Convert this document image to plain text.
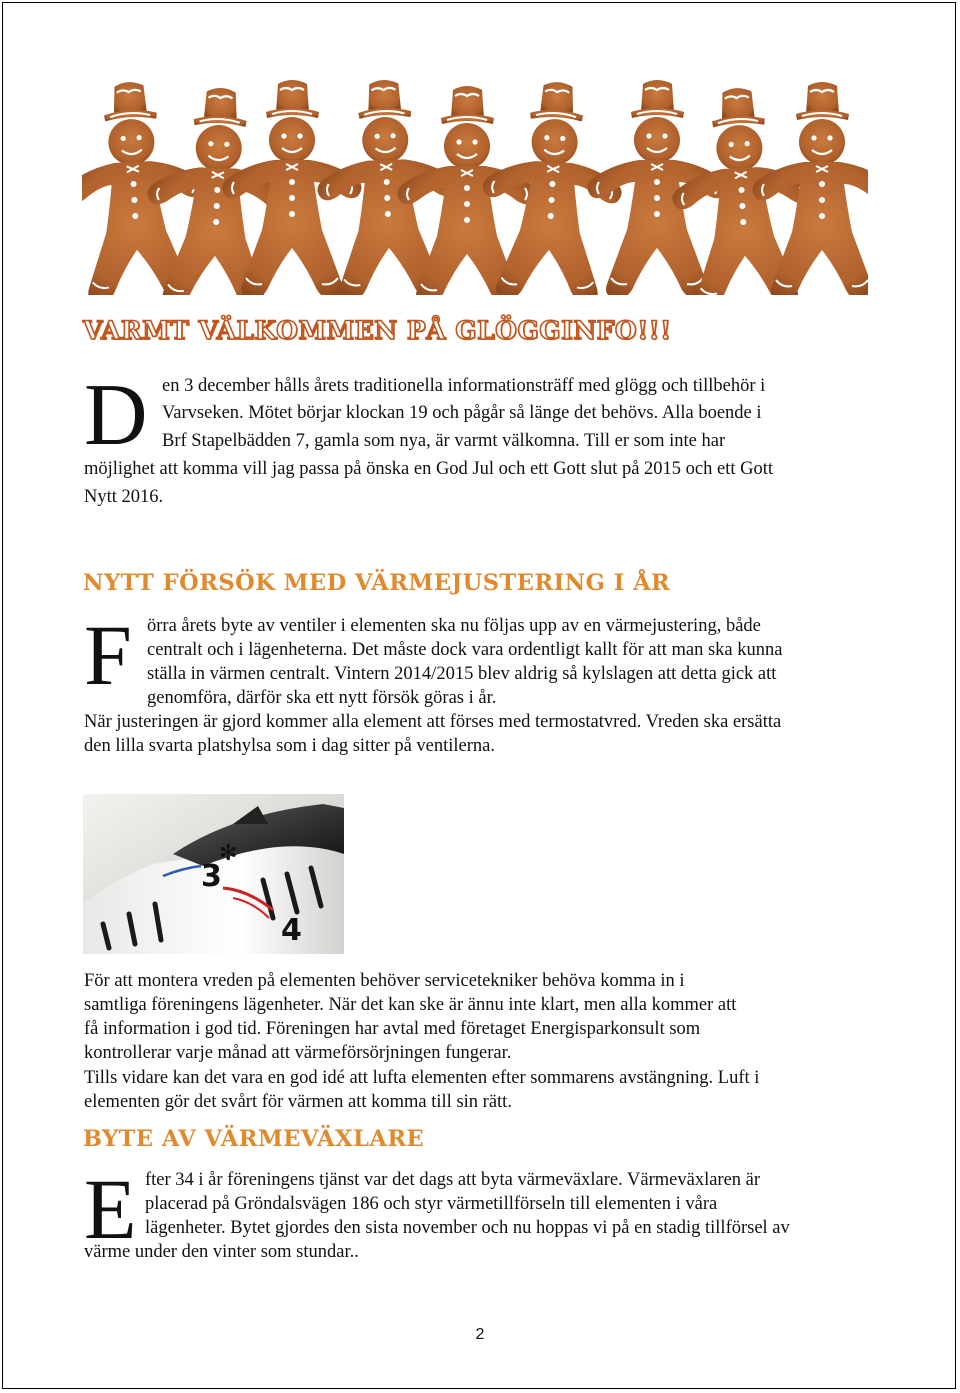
VARMT VÄLKOMMEN PÅ GLÖGGINFO!!!
D en 3 december hålls årets traditionella informationsträff med glögg och tillbehör i
Varvseken. Mötet börjar klockan 19 och pågår så länge det behövs. Alla boende i
Brf Stapelbädden 7, gamla som nya, är varmt välkomna. Till er som inte har
möjlighet att komma vill jag passa på önska en God Jul och ett Gott slut på 2015 och ett Gott
Nytt 2016.
NYTT FÖRSÖK MED VÄRMEJUSTERING I ÅR
F örra årets byte av ventiler i elementen ska nu följas upp av en värmejustering, både
centralt och i lägenheterna. Det måste dock vara ordentligt kallt för att man ska kunna
ställa in värmen centralt. Vintern 2014/2015 blev aldrig så kylslagen att detta gick att
genomföra, därför ska ett nytt försök göras i år.
När justeringen är gjord kommer alla element att förses med termostatvred. Vreden ska ersätta
den lilla svarta platshylsa som i dag sitter på ventilerna.
3
4
✻
För att montera vreden på elementen behöver servicetekniker behöva komma in i
samtliga föreningens lägenheter. När det kan ske är ännu inte klart, men alla kommer att
få information i god tid. Föreningen har avtal med företaget Energisparkonsult som
kontrollerar varje månad att värmeförsörjningen fungerar.
Tills vidare kan det vara en god idé att lufta elementen efter sommarens avstängning. Luft i
elementen gör det svårt för värmen att komma till sin rätt.
BYTE AV VÄRMEVÄXLARE
E fter 34 i år föreningens tjänst var det dags att byta värmeväxlare. Värmeväxlaren är
placerad på Gröndalsvägen 186 och styr värmetillförseln till elementen i våra
lägenheter. Bytet gjordes den sista november och nu hoppas vi på en stadig tillförsel av
värme under den vinter som stundar..
2
